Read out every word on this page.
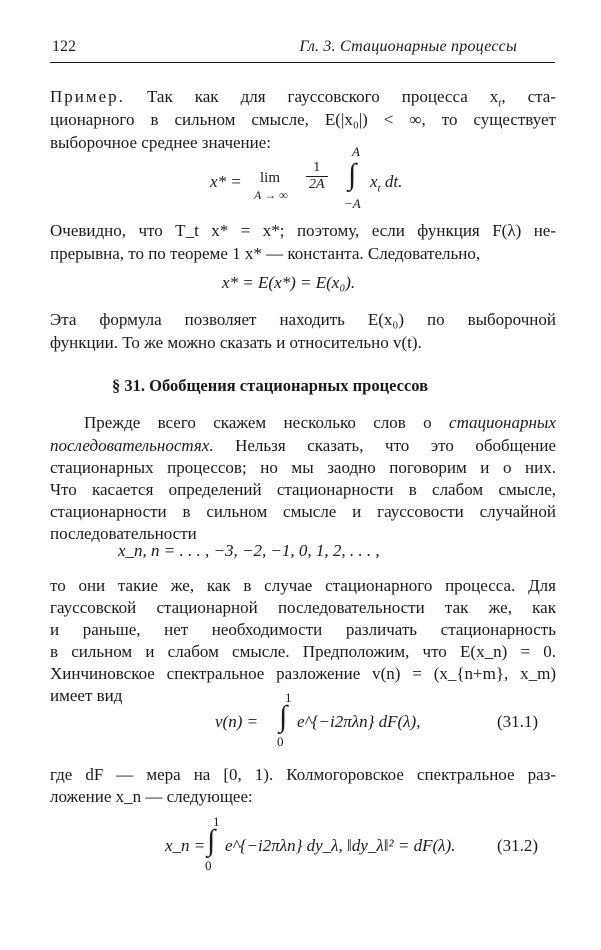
122	Гл. 3. Стационарные процессы
Пример. Так как для гауссовского процесса $x_t$, ста-
ционарного в сильном смысле, E(|x₀|) < ∞, то существует
выборочное среднее значение:
x* = lim
A → ∞
$\frac{1}{2A}$
A
∫
−A
$x_t$ dt.
Очевидно, что T_t x* = x*; поэтому, если функция F(λ) не-
прерывна, то по теореме 1 x* — константа. Следовательно,
x* = E(x*) = E(x₀).
Эта формула позволяет находить E(x₀) по выборочной
функции. То же можно сказать и относительно v(t).
§ 31. Обобщения стационарных процессов
Прежде всего скажем несколько слов о стационарных
последовательностях. Нельзя сказать, что это обобщение
стационарных процессов; но мы заодно поговорим и о них.
Что касается определений стационарности в слабом смысле,
стационарности в сильном смысле и гауссовости случайной
последовательности
x_n, n = . . . , −3, −2, −1, 0, 1, 2, . . . ,
то они такие же, как в случае стационарного процесса. Для
гауссовской стационарной последовательности так же, как
и раньше, нет необходимости различать стационарность
в сильном и слабом смысле. Предположим, что E(x_n) = 0.
Хинчиновское спектральное разложение v(n) = (x_{n+m}, x_m)
имеет вид
v(n) =
1
∫
0
e^{−i2πλn} dF(λ),	(31.1)
где dF — мера на [0, 1). Колмогоровское спектральное раз-
ложение x_n — следующее:
x_n =
1
∫
0
e^{−i2πλn} dy_λ, ‖dy_λ‖² = dF(λ). (31.2)
